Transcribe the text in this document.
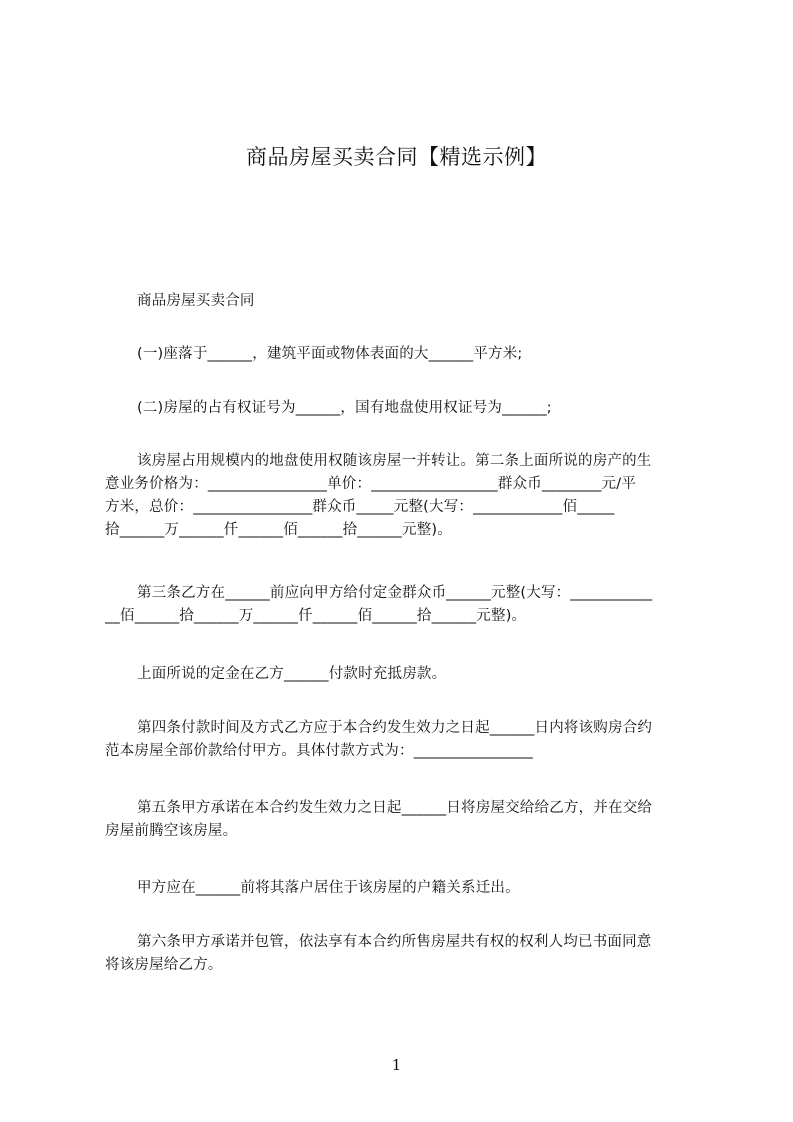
商品房屋买卖合同【精选示例】
商品房屋买卖合同
(一)座落于______，建筑平面或物体表面的大______平方米;
(二)房屋的占有权证号为______，国有地盘使用权证号为______;
该房屋占用规模内的地盘使用权随该房屋一并转让。第二条上面所说的房产的生
意业务价格为：________________单价：_________________群众币________元/平
方米，总价：________________群众币_____元整(大写：____________佰_____
拾______万______仟______佰______拾______元整)。
第三条乙方在______前应向甲方给付定金群众币______元整(大写：___________
__佰______拾______万______仟______佰______拾______元整)。
上面所说的定金在乙方______付款时充抵房款。
第四条付款时间及方式乙方应于本合约发生效力之日起______日内将该购房合约
范本房屋全部价款给付甲方。具体付款方式为：________________
第五条甲方承诺在本合约发生效力之日起______日将房屋交给给乙方，并在交给
房屋前腾空该房屋。
甲方应在______前将其落户居住于该房屋的户籍关系迁出。
第六条甲方承诺并包管，依法享有本合约所售房屋共有权的权利人均已书面同意
将该房屋给乙方。
1
